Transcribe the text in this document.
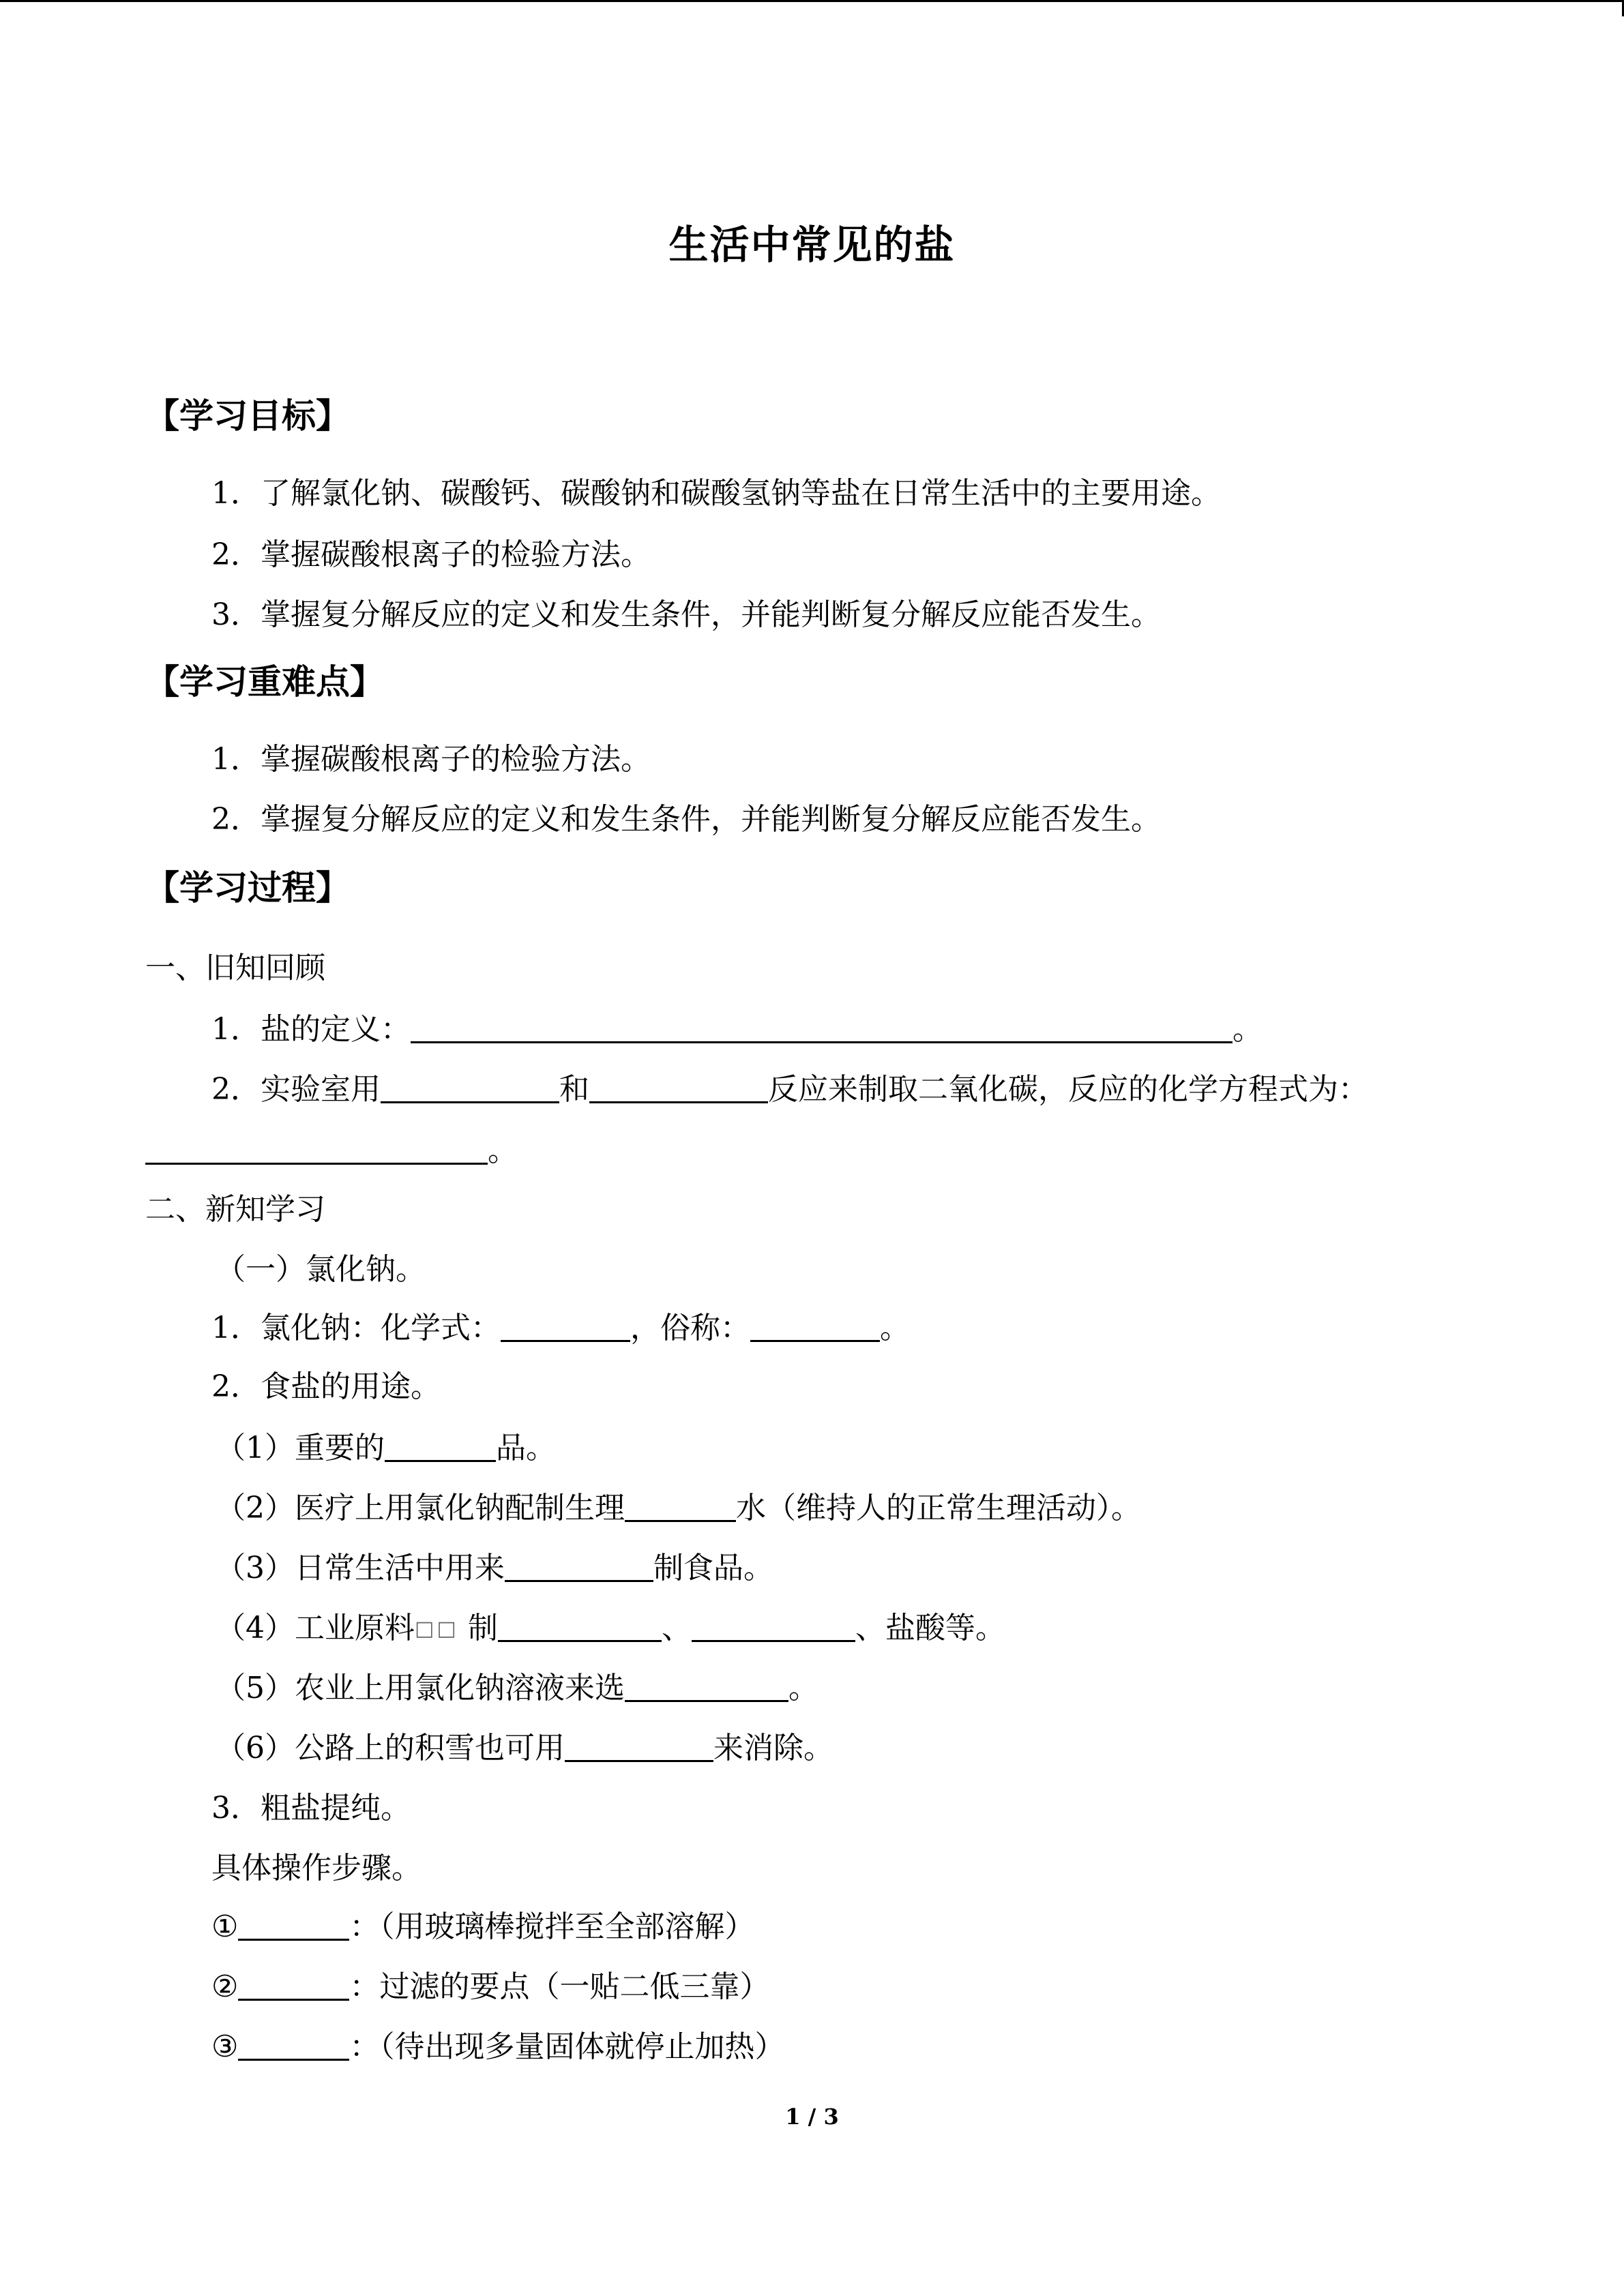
生活中常见的盐
【学习目标】
1．了解氯化钠、碳酸钙、碳酸钠和碳酸氢钠等盐在日常生活中的主要用途。
2．掌握碳酸根离子的检验方法。
3．掌握复分解反应的定义和发生条件，并能判断复分解反应能否发生。
【学习重难点】
1．掌握碳酸根离子的检验方法。
2．掌握复分解反应的定义和发生条件，并能判断复分解反应能否发生。
【学习过程】
一、旧知回顾
1．盐的定义：	。
2．实验室用	和	反应来制取二氧化碳，反应的化学方程式为：
。
二、新知学习
（一）氯化钠。
1．氯化钠：化学式：	，俗称：	。
2．食盐的用途。
（1）重要的	品。
（2）医疗上用氯化钠配制生理	水（维持人的正常生理活动）。
（3）日常生活中用来	制食品。
（4）工业原料□□ 制	、	、盐酸等。
（5）农业上用氯化钠溶液来选	。
（6）公路上的积雪也可用	来消除。
3．粗盐提纯。
具体操作步骤。
①	：（用玻璃棒搅拌至全部溶解）
②	：过滤的要点（一贴二低三靠）
③	：（待出现多量固体就停止加热）
1 / 3
